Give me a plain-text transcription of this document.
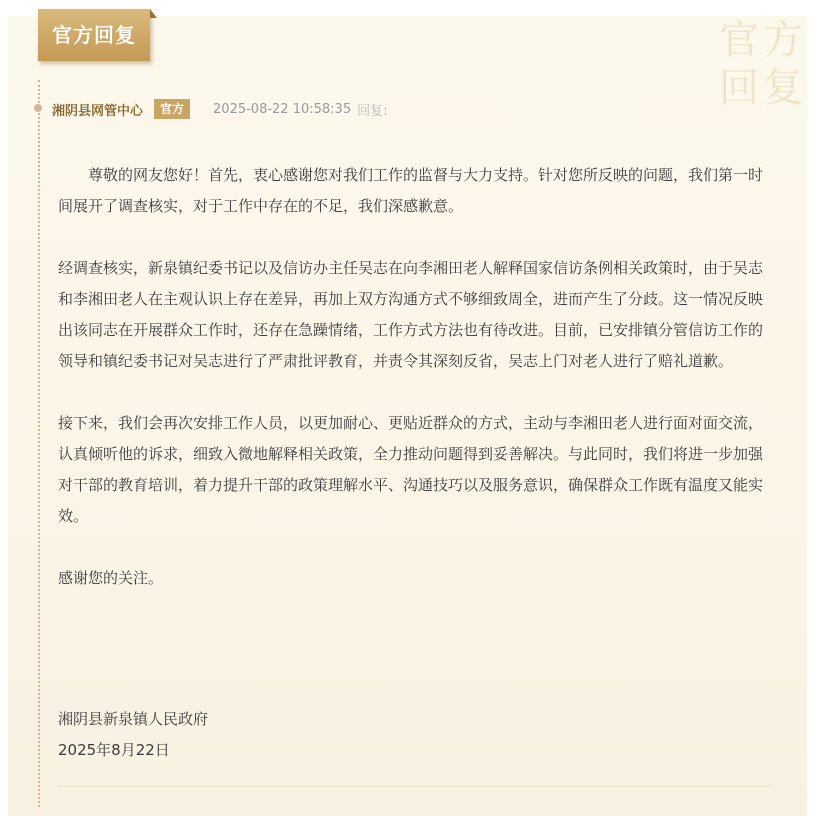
官方回复	官方
回复
湘阴县网管中心	官方	2025-08-22 10:58:35 回复:

尊敬的网友您好！首先，衷心感谢您对我们工作的监督与大力支持。针对您所反映的问题，我们第一时间展开了调查核实，对于工作中存在的不足，我们深感歉意。

经调查核实，新泉镇纪委书记以及信访办主任吴志在向李湘田老人解释国家信访条例相关政策时，由于吴志和李湘田老人在主观认识上存在差异，再加上双方沟通方式不够细致周全，进而产生了分歧。这一情况反映出该同志在开展群众工作时，还存在急躁情绪，工作方式方法也有待改进。目前，已安排镇分管信访工作的领导和镇纪委书记对吴志进行了严肃批评教育，并责令其深刻反省，吴志上门对老人进行了赔礼道歉。

接下来，我们会再次安排工作人员，以更加耐心、更贴近群众的方式，主动与李湘田老人进行面对面交流，认真倾听他的诉求，细致入微地解释相关政策，全力推动问题得到妥善解决。与此同时，我们将进一步加强对干部的教育培训，着力提升干部的政策理解水平、沟通技巧以及服务意识，确保群众工作既有温度又能实效。

感谢您的关注。

湘阴县新泉镇人民政府
2025年8月22日
